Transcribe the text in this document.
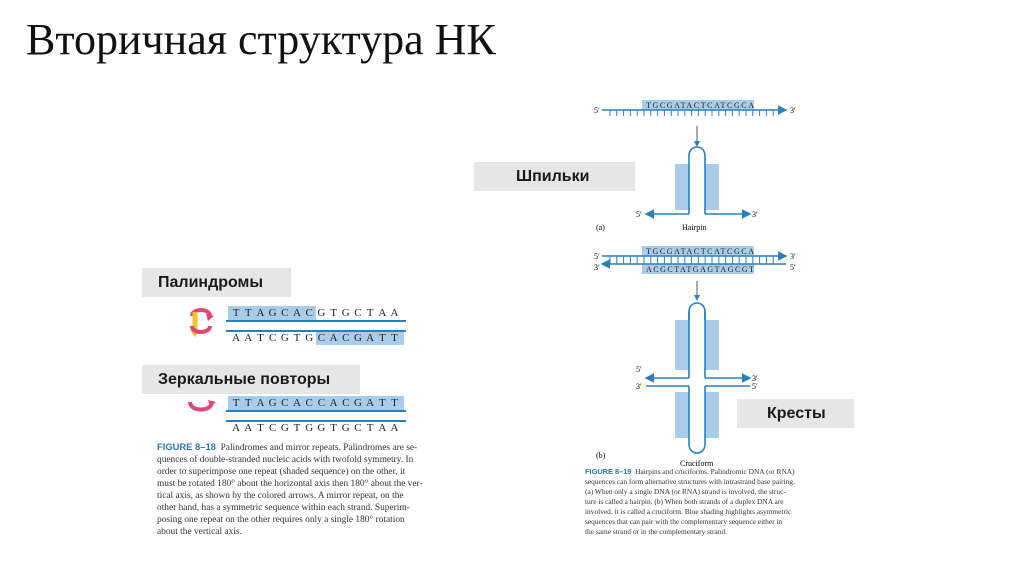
Вторичная структура НК
Шпильки
Палиндромы
Зеркальные повторы
Кресты
T T A G C A C G T G C T A A
A A T C G T G C A C G A T T
T T A G C A C C A C G A T T
A A T C G T G G T G C T A A
FIGURE 8–18 Palindromes and mirror repeats. Palindromes are se-
quences of double-stranded nucleic acids with twofold symmetry. In
order to superimpose one repeat (shaded sequence) on the other, it
must be rotated 180° about the horizontal axis then 180° about the ver-
tical axis, as shown by the colored arrows. A mirror repeat, on the
other hand, has a symmetric sequence within each strand. Superim-
posing one repeat on the other requires only a single 180° rotation
about the vertical axis.
TGCGATACTCATCGCA
5′	3′
5′	3′
(a)	Hairpin
TGCGATACTCATCGCA
ACGCTATGAGTAGCGT
5′	3′
3′	5′
5′
3′
3′	5′
(b)
Cruciform
FIGURE 8–19 Hairpins and cruciforms. Palindromic DNA (or RNA)
sequences can form alternative structures with intrastrand base pairing.
(a) When only a single DNA (or RNA) strand is involved, the struc-
ture is called a hairpin. (b) When both strands of a duplex DNA are
involved, it is called a cruciform. Blue shading highlights asymmetric
sequences that can pair with the complementary sequence either in
the same strand or in the complementary strand.
